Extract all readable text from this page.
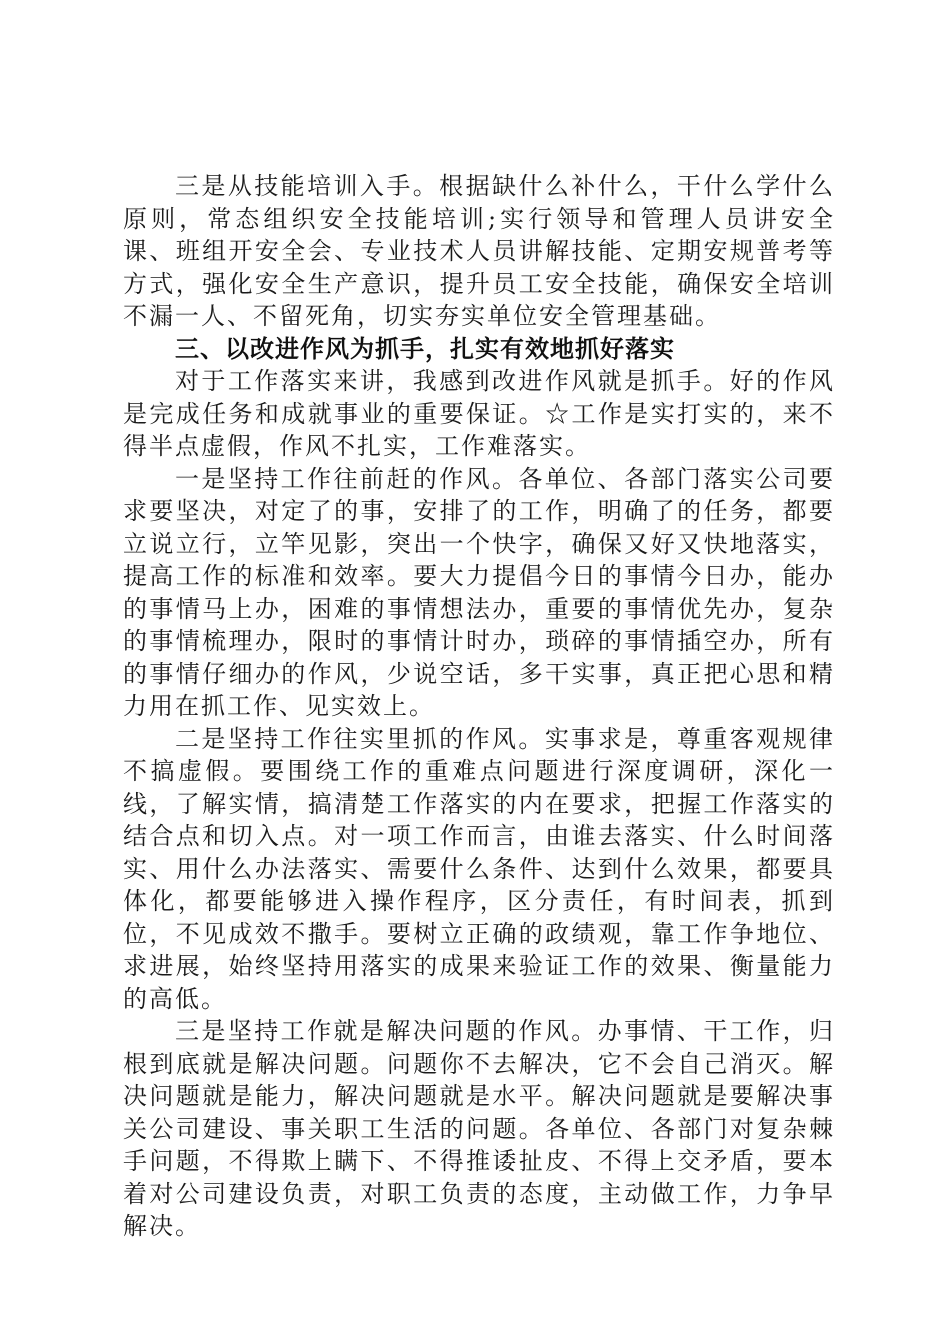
三是从技能培训入手。根据缺什么补什么，干什么学什么原则，常态组织安全技能培训;实行领导和管理人员讲安全课、班组开安全会、专业技术人员讲解技能、定期安规普考等方式，强化安全生产意识，提升员工安全技能，确保安全培训不漏一人、不留死角，切实夯实单位安全管理基础。

三、以改进作风为抓手，扎实有效地抓好落实

对于工作落实来讲，我感到改进作风就是抓手。好的作风是完成任务和成就事业的重要保证。☆工作是实打实的，来不得半点虚假，作风不扎实，工作难落实。

一是坚持工作往前赶的作风。各单位、各部门落实公司要求要坚决，对定了的事，安排了的工作，明确了的任务，都要立说立行，立竿见影，突出一个快字，确保又好又快地落实，提高工作的标准和效率。要大力提倡今日的事情今日办，能办的事情马上办，困难的事情想法办，重要的事情优先办，复杂的事情梳理办，限时的事情计时办，琐碎的事情插空办，所有的事情仔细办的作风，少说空话，多干实事，真正把心思和精力用在抓工作、见实效上。

二是坚持工作往实里抓的作风。实事求是，尊重客观规律不搞虚假。要围绕工作的重难点问题进行深度调研，深化一线，了解实情，搞清楚工作落实的内在要求，把握工作落实的结合点和切入点。对一项工作而言，由谁去落实、什么时间落实、用什么办法落实、需要什么条件、达到什么效果，都要具体化，都要能够进入操作程序，区分责任，有时间表，抓到位，不见成效不撒手。要树立正确的政绩观，靠工作争地位、求进展，始终坚持用落实的成果来验证工作的效果、衡量能力的高低。

三是坚持工作就是解决问题的作风。办事情、干工作，归根到底就是解决问题。问题你不去解决，它不会自己消灭。解决问题就是能力，解决问题就是水平。解决问题就是要解决事关公司建设、事关职工生活的问题。各单位、各部门对复杂棘手问题，不得欺上瞒下、不得推诿扯皮、不得上交矛盾，要本着对公司建设负责，对职工负责的态度，主动做工作，力争早解决。
